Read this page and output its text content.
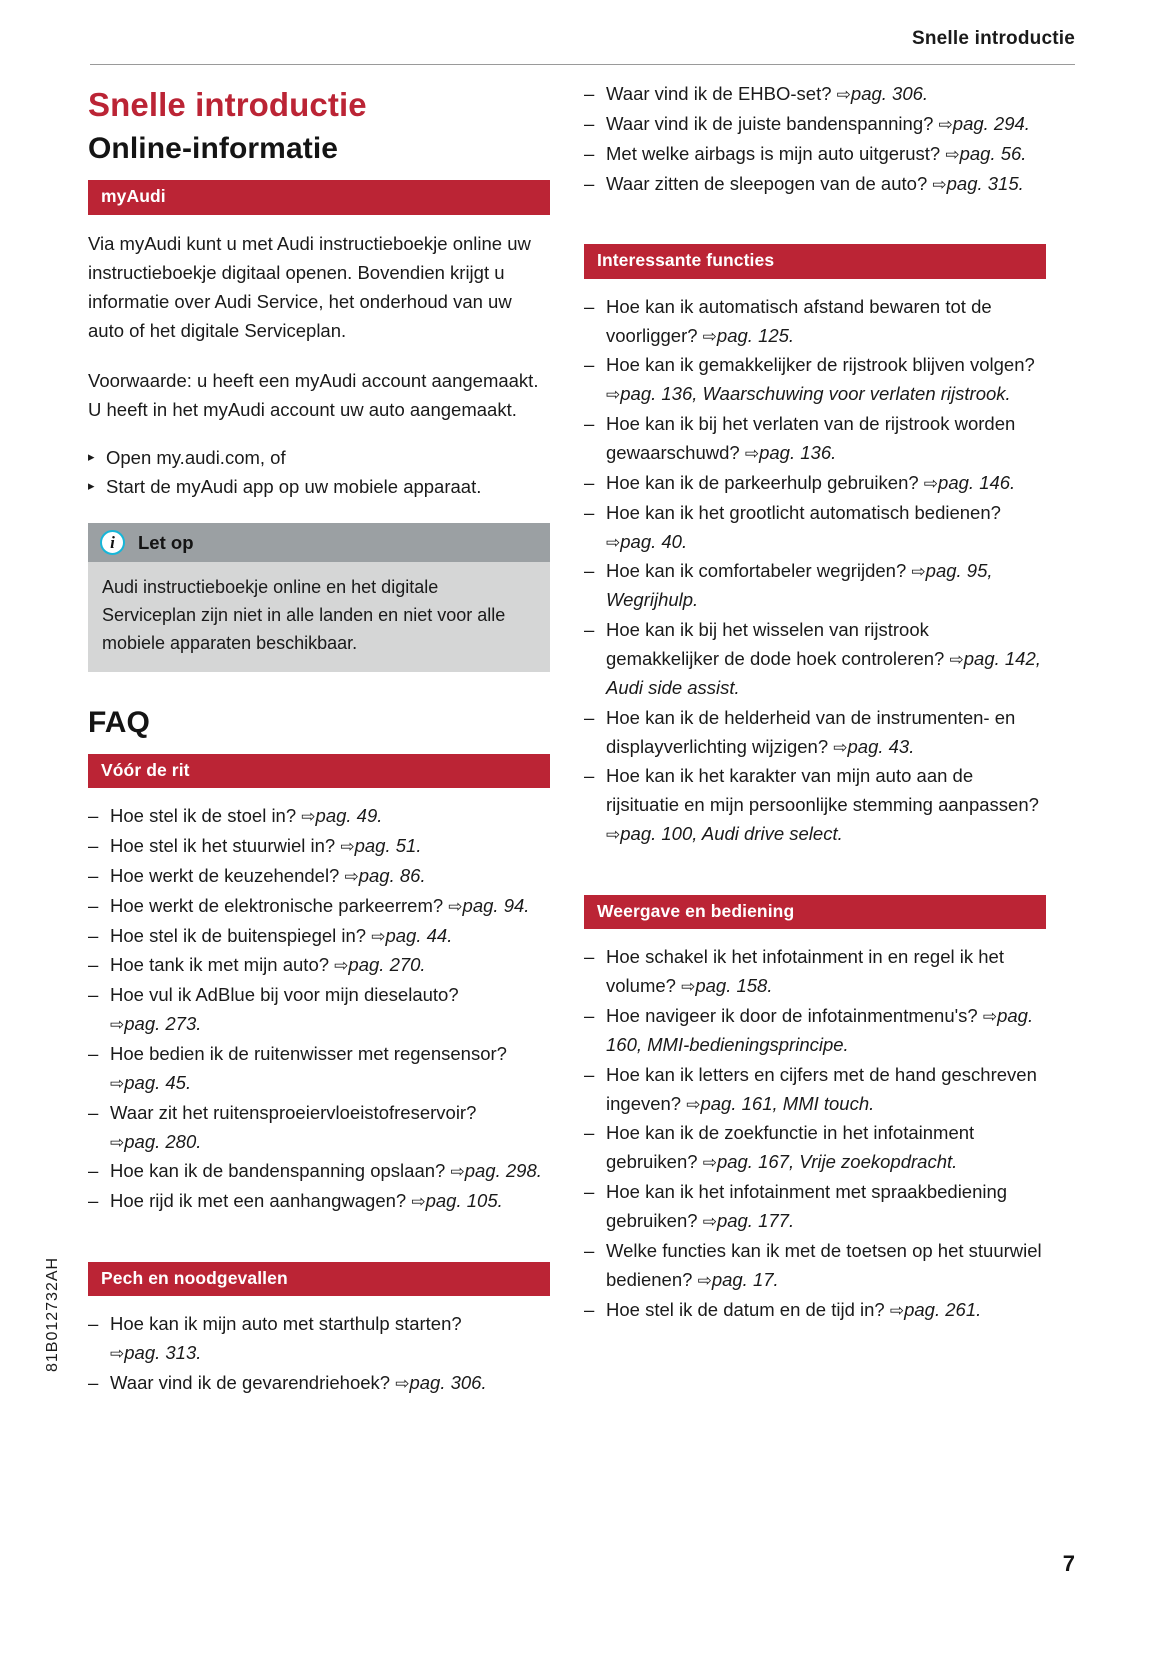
Snelle introductie
Snelle introductie
Online-informatie
myAudi

Via myAudi kunt u met Audi instructieboekje online uw instructieboekje digitaal openen. Bovendien krijgt u informatie over Audi Service, het onderhoud van uw auto of het digitale Serviceplan.

Voorwaarde: u heeft een myAudi account aangemaakt. U heeft in het myAudi account uw auto aangemaakt.

▸ Open my.audi.com, of
▸ Start de myAudi app op uw mobiele apparaat.
i	Let op
Audi instructieboekje online en het digitale Serviceplan zijn niet in alle landen en niet voor alle mobiele apparaten beschikbaar.
FAQ
Vóór de rit
– Hoe stel ik de stoel in? ⇨pag. 49.
– Hoe stel ik het stuurwiel in? ⇨pag. 51.
– Hoe werkt de keuzehendel? ⇨pag. 86.
– Hoe werkt de elektronische parkeerrem? ⇨pag. 94.
– Hoe stel ik de buitenspiegel in? ⇨pag. 44.
– Hoe tank ik met mijn auto? ⇨pag. 270.
– Hoe vul ik AdBlue bij voor mijn dieselauto? ⇨pag. 273.
– Hoe bedien ik de ruitenwisser met regensensor? ⇨pag. 45.
– Waar zit het ruitensproeiervloeistofreservoir? ⇨pag. 280.
– Hoe kan ik de bandenspanning opslaan? ⇨pag. 298.
– Hoe rijd ik met een aanhangwagen? ⇨pag. 105.
Pech en noodgevallen
– Hoe kan ik mijn auto met starthulp starten? ⇨pag. 313.
– Waar vind ik de gevarendriehoek? ⇨pag. 306.
– Waar vind ik de EHBO-set? ⇨pag. 306.
– Waar vind ik de juiste bandenspanning? ⇨pag. 294.
– Met welke airbags is mijn auto uitgerust? ⇨pag. 56.
– Waar zitten de sleepogen van de auto? ⇨pag. 315.
Interessante functies
– Hoe kan ik automatisch afstand bewaren tot de voorligger? ⇨pag. 125.
– Hoe kan ik gemakkelijker de rijstrook blijven volgen? ⇨pag. 136, Waarschuwing voor verlaten rijstrook.
– Hoe kan ik bij het verlaten van de rijstrook worden gewaarschuwd? ⇨pag. 136.
– Hoe kan ik de parkeerhulp gebruiken? ⇨pag. 146.
– Hoe kan ik het grootlicht automatisch bedienen? ⇨pag. 40.
– Hoe kan ik comfortabeler wegrijden? ⇨pag. 95, Wegrijhulp.
– Hoe kan ik bij het wisselen van rijstrook gemakkelijker de dode hoek controleren? ⇨pag. 142, Audi side assist.
– Hoe kan ik de helderheid van de instrumenten- en displayverlichting wijzigen? ⇨pag. 43.
– Hoe kan ik het karakter van mijn auto aan de rijsituatie en mijn persoonlijke stemming aanpassen? ⇨pag. 100, Audi drive select.
Weergave en bediening
– Hoe schakel ik het infotainment in en regel ik het volume? ⇨pag. 158.
– Hoe navigeer ik door de infotainmentmenu's? ⇨pag. 160, MMI-bedieningsprincipe.
– Hoe kan ik letters en cijfers met de hand geschreven ingeven? ⇨pag. 161, MMI touch.
– Hoe kan ik de zoekfunctie in het infotainment gebruiken? ⇨pag. 167, Vrije zoekopdracht.
– Hoe kan ik het infotainment met spraakbediening gebruiken? ⇨pag. 177.
– Welke functies kan ik met de toetsen op het stuurwiel bedienen? ⇨pag. 17.
– Hoe stel ik de datum en de tijd in? ⇨pag. 261.
81B012732AH
7
